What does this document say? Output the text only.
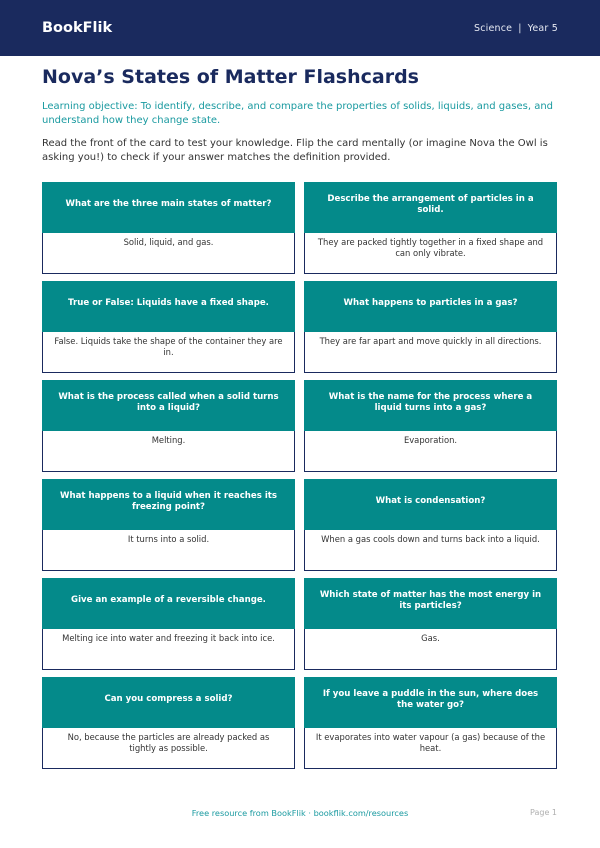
BookFlik	Science | Year 5
Nova’s States of Matter Flashcards

Learning objective: To identify, describe, and compare the properties of solids, liquids, and gases, and understand how they change state.

Read the front of the card to test your knowledge. Flip the card mentally (or imagine Nova the Owl is asking you!) to check if your answer matches the definition provided.

What are the three main states of matter?
Solid, liquid, and gas.
Describe the arrangement of particles in a solid.
They are packed tightly together in a fixed shape and can only vibrate.
True or False: Liquids have a fixed shape.
False. Liquids take the shape of the container they are in.
What happens to particles in a gas?
They are far apart and move quickly in all directions.
What is the process called when a solid turns into a liquid?
Melting.
What is the name for the process where a liquid turns into a gas?
Evaporation.
What happens to a liquid when it reaches its freezing point?
It turns into a solid.
What is condensation?
When a gas cools down and turns back into a liquid.
Give an example of a reversible change.
Melting ice into water and freezing it back into ice.
Which state of matter has the most energy in its particles?
Gas.
Can you compress a solid?
No, because the particles are already packed as tightly as possible.
If you leave a puddle in the sun, where does the water go?
It evaporates into water vapour (a gas) because of the heat.
Free resource from BookFlik · bookflik.com/resources	Page 1
